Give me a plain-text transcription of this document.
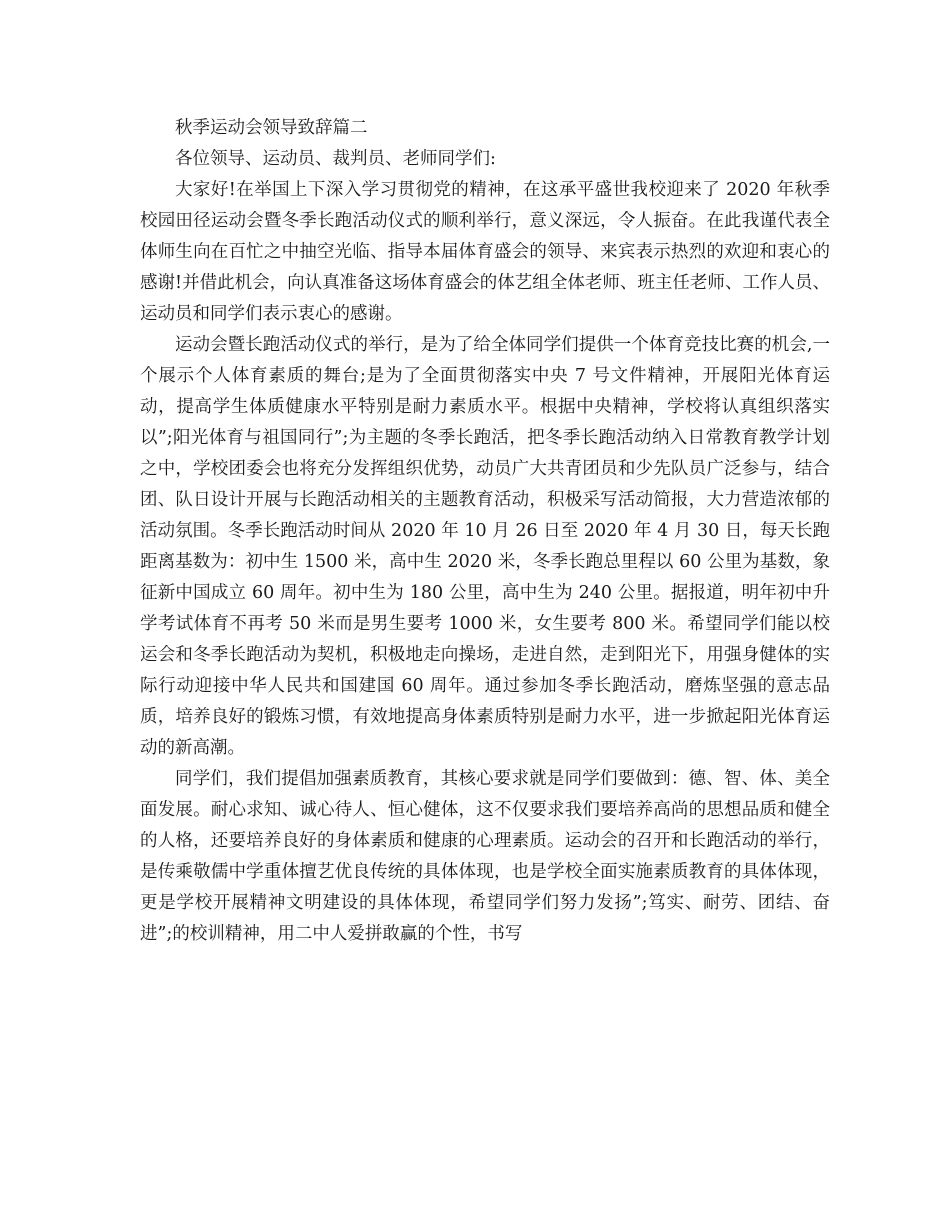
秋季运动会领导致辞篇二

各位领导、运动员、裁判员、老师同学们:

大家好!在举国上下深入学习贯彻党的精神，在这承平盛世我校迎来了 2020 年秋季校园田径运动会暨冬季长跑活动仪式的顺利举行，意义深远，令人振奋。在此我谨代表全体师生向在百忙之中抽空光临、指导本届体育盛会的领导、来宾表示热烈的欢迎和衷心的感谢!并借此机会，向认真准备这场体育盛会的体艺组全体老师、班主任老师、工作人员、运动员和同学们表示衷心的感谢。

运动会暨长跑活动仪式的举行，是为了给全体同学们提供一个体育竞技比赛的机会,一个展示个人体育素质的舞台;是为了全面贯彻落实中央 7 号文件精神，开展阳光体育运动，提高学生体质健康水平特别是耐力素质水平。根据中央精神，学校将认真组织落实以”;阳光体育与祖国同行”;为主题的冬季长跑活，把冬季长跑活动纳入日常教育教学计划之中，学校团委会也将充分发挥组织优势，动员广大共青团员和少先队员广泛参与，结合团、队日设计开展与长跑活动相关的主题教育活动，积极采写活动简报，大力营造浓郁的活动氛围。冬季长跑活动时间从 2020 年 10 月 26 日至 2020 年 4 月 30 日，每天长跑距离基数为：初中生 1500 米，高中生 2020 米，冬季长跑总里程以 60 公里为基数，象征新中国成立 60 周年。初中生为 180 公里，高中生为 240 公里。据报道，明年初中升学考试体育不再考 50 米而是男生要考 1000 米，女生要考 800 米。希望同学们能以校运会和冬季长跑活动为契机，积极地走向操场，走进自然，走到阳光下，用强身健体的实际行动迎接中华人民共和国建国 60 周年。通过参加冬季长跑活动，磨炼坚强的意志品质，培养良好的锻炼习惯，有效地提高身体素质特别是耐力水平，进一步掀起阳光体育运动的新高潮。

同学们，我们提倡加强素质教育，其核心要求就是同学们要做到：德、智、体、美全面发展。耐心求知、诚心待人、恒心健体，这不仅要求我们要培养高尚的思想品质和健全的人格，还要培养良好的身体素质和健康的心理素质。运动会的召开和长跑活动的举行，是传乘敬儒中学重体擅艺优良传统的具体体现，也是学校全面实施素质教育的具体体现，更是学校开展精神文明建设的具体体现，希望同学们努力发扬”;笃实、耐劳、团结、奋进”;的校训精神，用二中人爱拼敢赢的个性，书写
